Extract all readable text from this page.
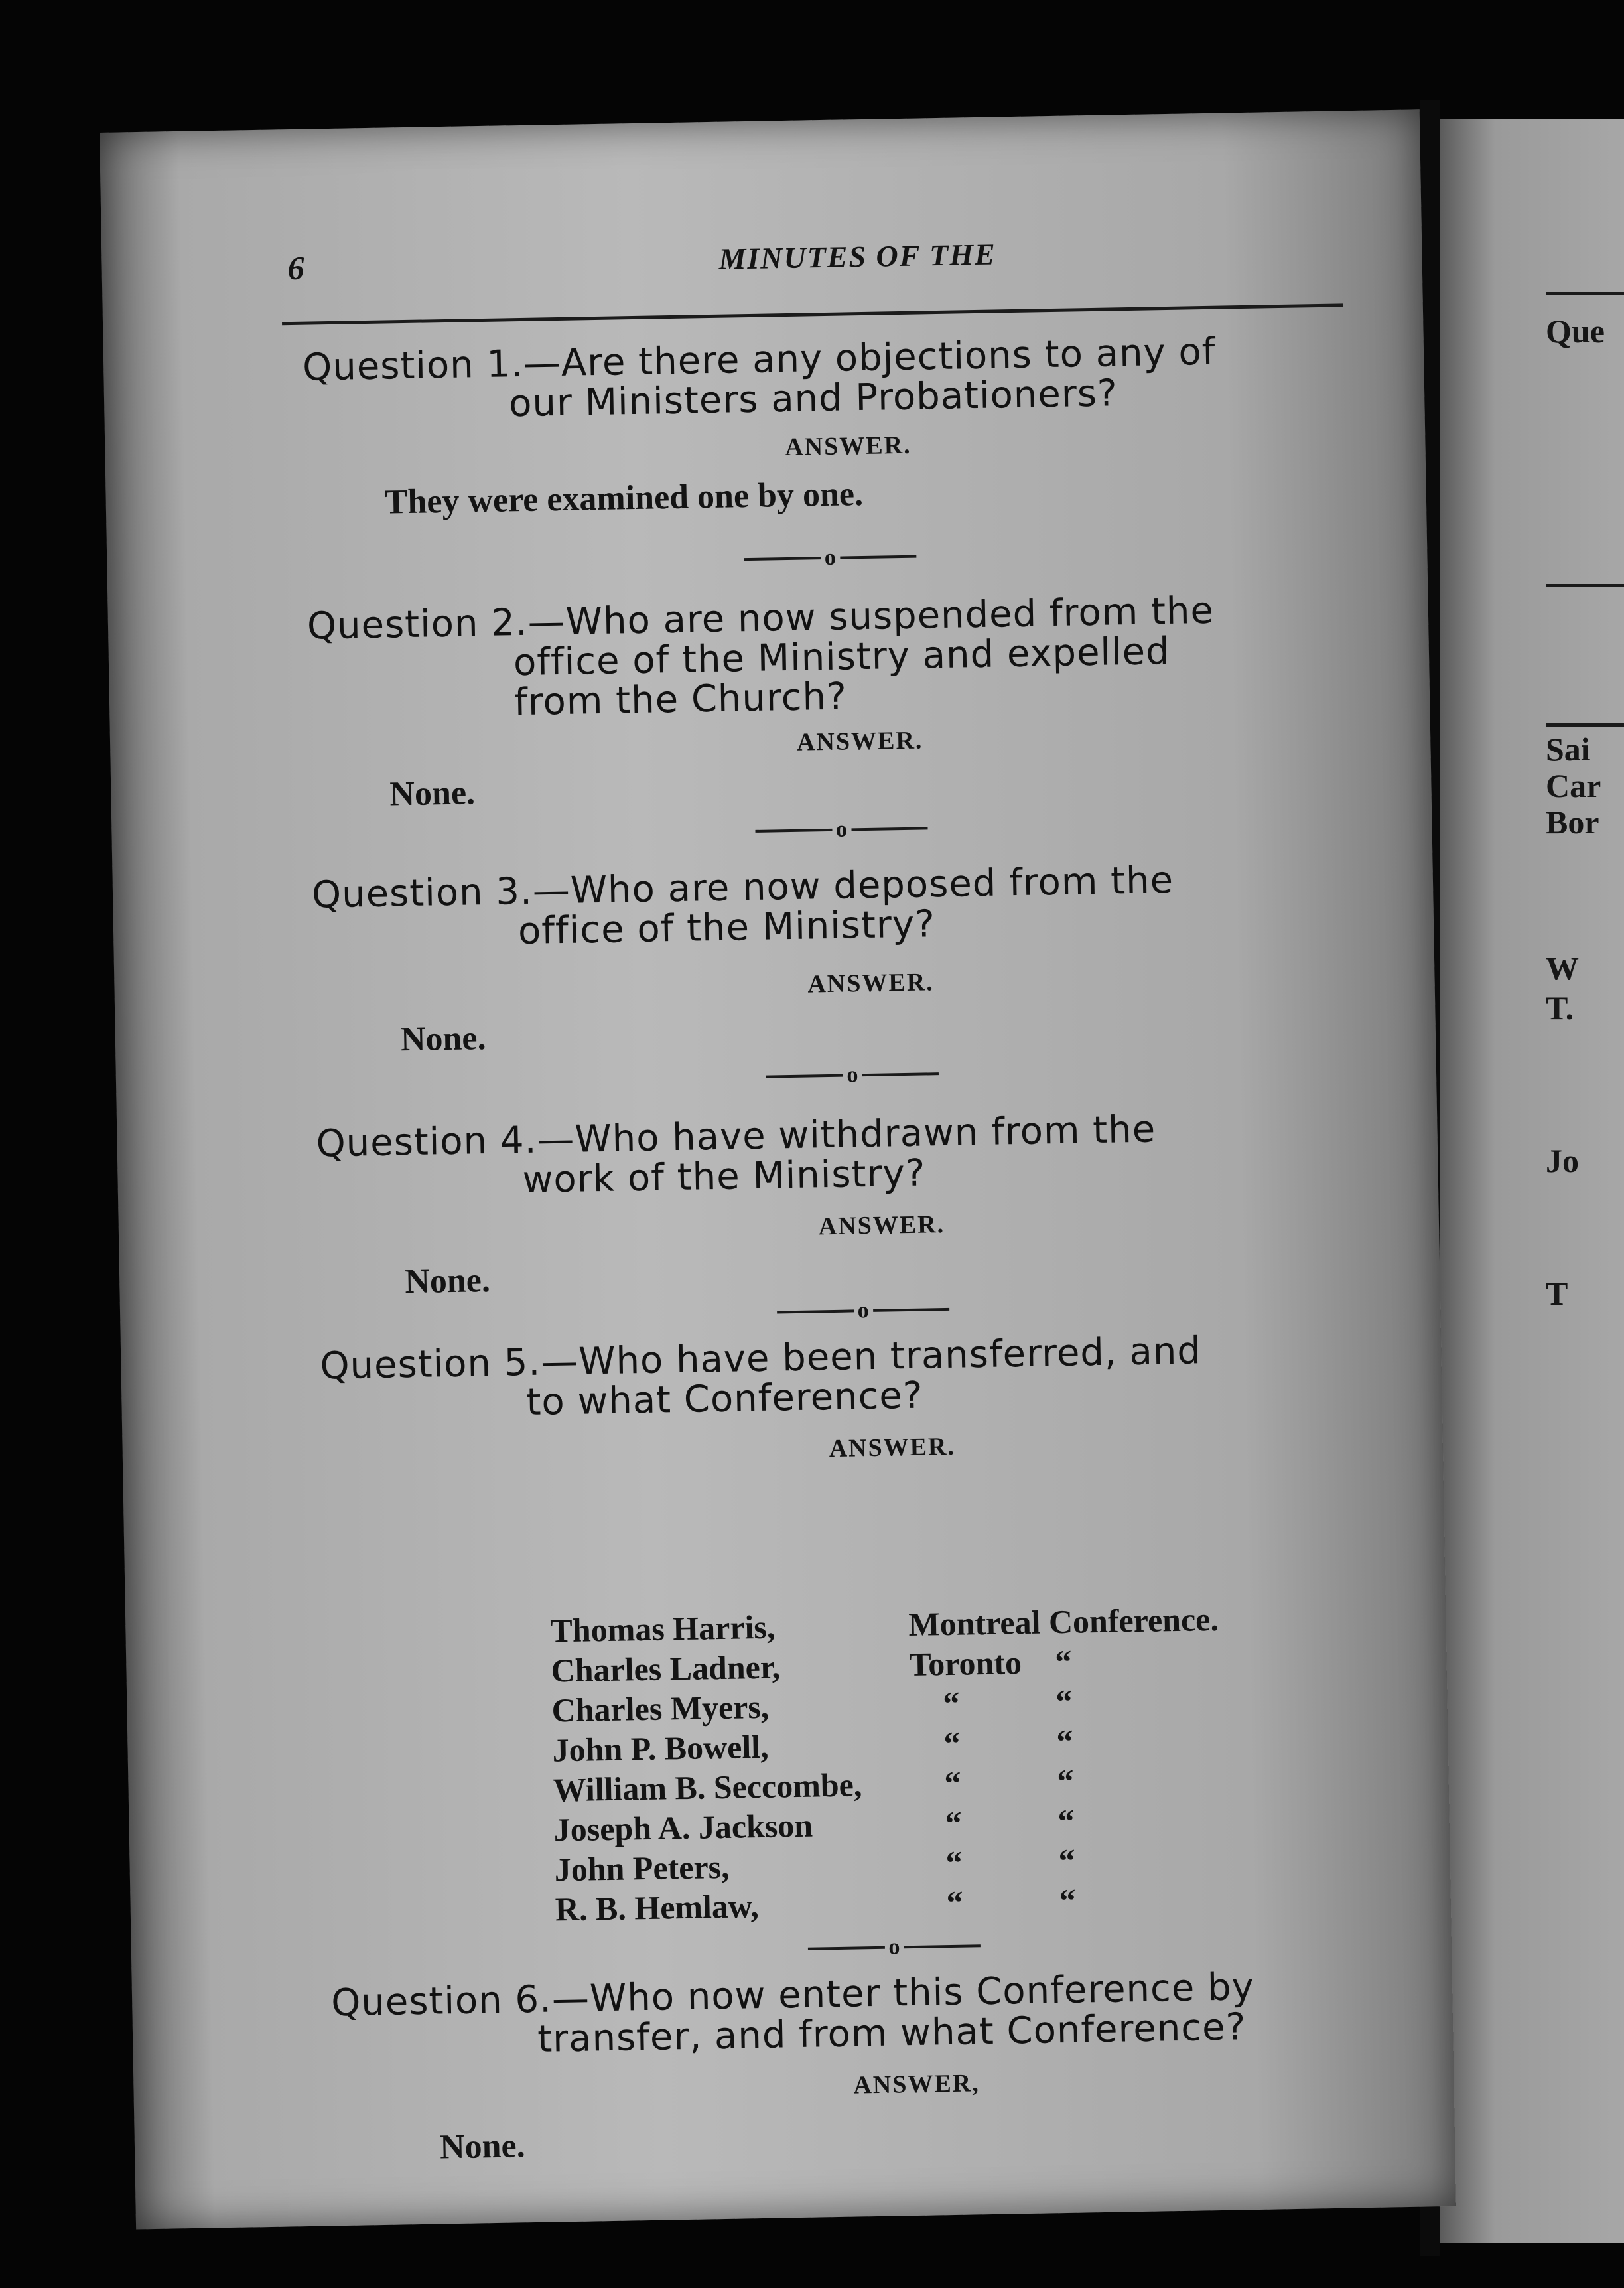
Que
Sai
Car
Bor
W
T.
Jo
T
6	MINUTES OF THE
Question 1.—Are there any objections to any of
our Ministers and Probationers?
ANSWER.
They were examined one by one.
o
Question 2.—Who are now suspended from the
office of the Ministry and expelled
from the Church?
ANSWER.
None.
o
Question 3.—Who are now deposed from the
office of the Ministry?
ANSWER.
None.
o
Question 4.—Who have withdrawn from the
work of the Ministry?
ANSWER.
None.
o
Question 5.—Who have been transferred, and
to what Conference?
ANSWER.
Thomas Harris,	Montreal Conference.
Charles Ladner,	Toronto “
Charles Myers,	“	“
John P. Bowell,	“	“
William B. Seccombe, “	“
Joseph A. Jackson	“	“
John Peters,	“	“
R. B. Hemlaw,	“	“
o
Question 6.—Who now enter this Conference by
transfer, and from what Conference?
ANSWER,
None.
